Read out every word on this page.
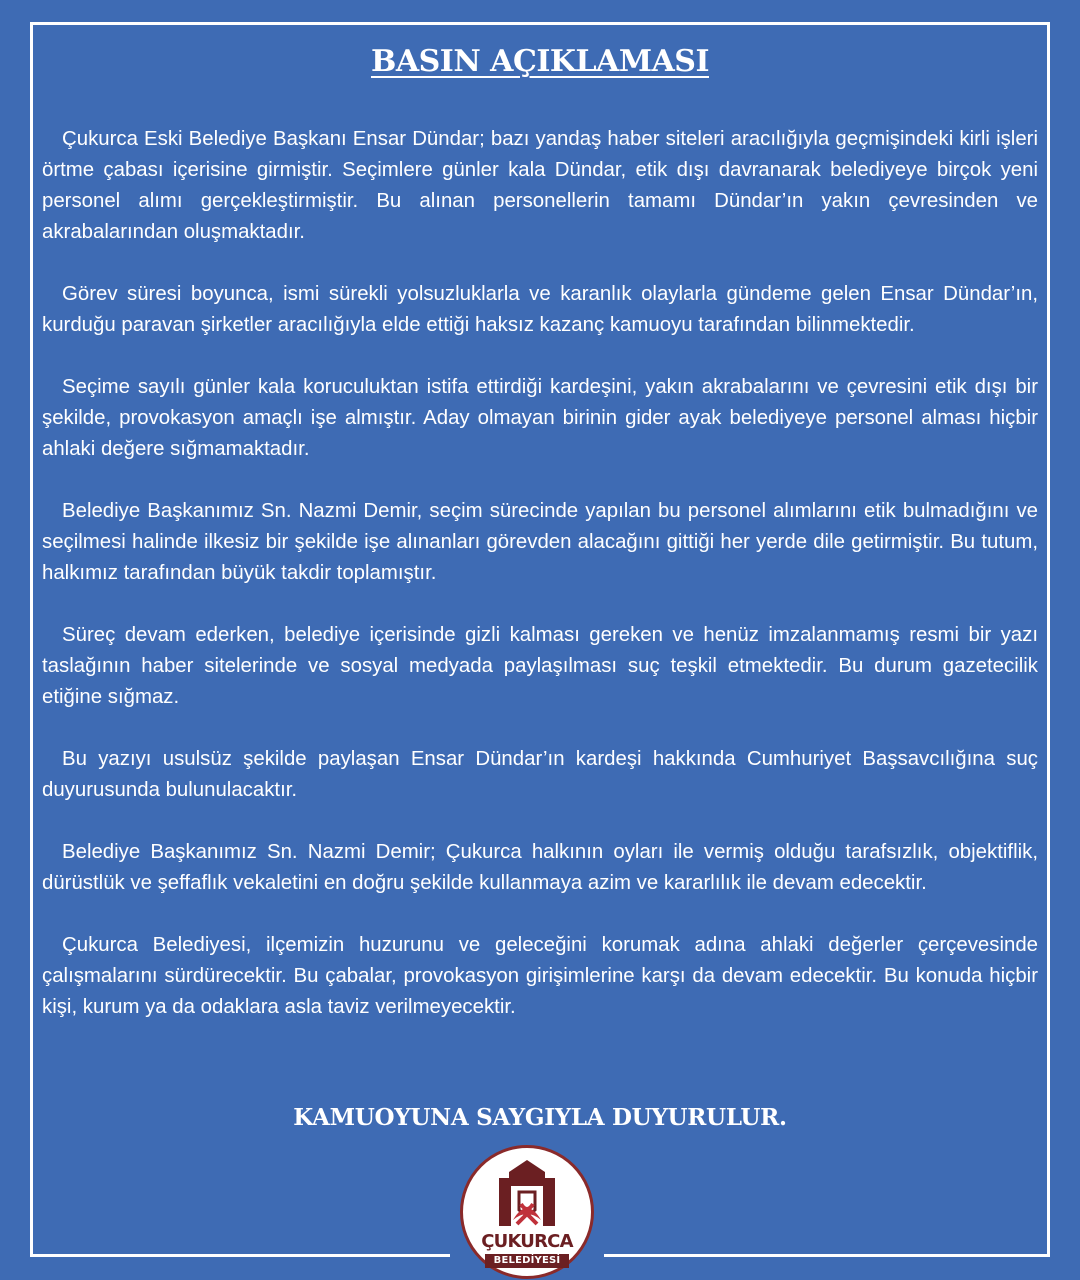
BASIN AÇIKLAMASI

Çukurca Eski Belediye Başkanı Ensar Dündar; bazı yandaş haber siteleri aracılığıyla geçmişindeki kirli işleri örtme çabası içerisine girmiştir. Seçimlere günler kala Dündar, etik dışı davranarak belediyeye birçok yeni personel alımı gerçekleştirmiştir. Bu alınan personellerin tamamı Dündar’ın yakın çevresinden ve akrabalarından oluşmaktadır.

Görev süresi boyunca, ismi sürekli yolsuzluklarla ve karanlık olaylarla gündeme gelen Ensar Dündar’ın, kurduğu paravan şirketler aracılığıyla elde ettiği haksız kazanç kamuoyu tarafından bilinmektedir.

Seçime sayılı günler kala koruculuktan istifa ettirdiği kardeşini, yakın akrabalarını ve çevresini etik dışı bir şekilde, provokasyon amaçlı işe almıştır. Aday olmayan birinin gider ayak belediyeye personel alması hiçbir ahlaki değere sığmamaktadır.

Belediye Başkanımız Sn. Nazmi Demir, seçim sürecinde yapılan bu personel alımlarını etik bulmadığını ve seçilmesi halinde ilkesiz bir şekilde işe alınanları görevden alacağını gittiği her yerde dile getirmiştir. Bu tutum, halkımız tarafından büyük takdir toplamıştır.

Süreç devam ederken, belediye içerisinde gizli kalması gereken ve henüz imzalanmamış resmi bir yazı taslağının haber sitelerinde ve sosyal medyada paylaşılması suç teşkil etmektedir. Bu durum gazetecilik etiğine sığmaz.

Bu yazıyı usulsüz şekilde paylaşan Ensar Dündar’ın kardeşi hakkında Cumhuriyet Başsavcılığına suç duyurusunda bulunulacaktır.

Belediye Başkanımız Sn. Nazmi Demir; Çukurca halkının oyları ile vermiş olduğu tarafsızlık, objektiflik, dürüstlük ve şeffaflık vekaletini en doğru şekilde kullanmaya azim ve kararlılık ile devam edecektir.

Çukurca Belediyesi, ilçemizin huzurunu ve geleceğini korumak adına ahlaki değerler çerçevesinde çalışmalarını sürdürecektir. Bu çabalar, provokasyon girişimlerine karşı da devam edecektir. Bu konuda hiçbir kişi, kurum ya da odaklara asla taviz verilmeyecektir.

KAMUOYUNA SAYGIYLA DUYURULUR.
ÇUKURCA
BELEDİYESİ
